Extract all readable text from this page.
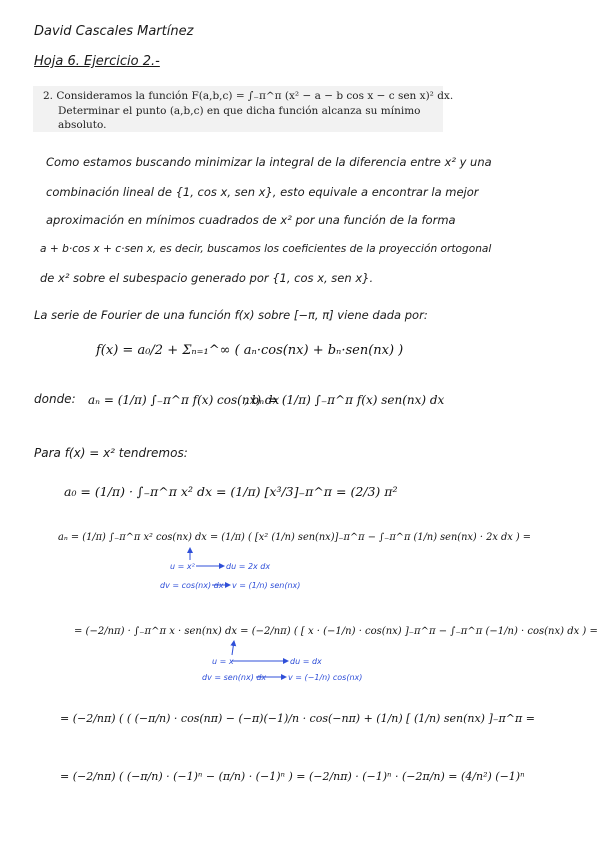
David Cascales Martínez
Hoja 6. Ejercicio 2.-
2. Consideramos la función F(a,b,c) = ∫₋π^π (x² − a − b cos x − c sen x)² dx.
Determinar el punto (a,b,c) en que dicha función alcanza su mínimo
absoluto.
Como estamos buscando minimizar la integral de la diferencia entre x² y una
combinación lineal de {1, cos x, sen x}, esto equivale a encontrar la mejor
aproximación en mínimos cuadrados de x² por una función de la forma
a + b·cos x + c·sen x, es decir, buscamos los coeficientes de la proyección ortogonal
de x² sobre el subespacio generado por {1, cos x, sen x}.
La serie de Fourier de una función f(x) sobre [−π, π] viene dada por:
f(x) = a₀/2 + Σₙ₌₁^∞ ( aₙ·cos(nx) + bₙ·sen(nx) )
donde: aₙ = (1/π) ∫₋π^π f(x) cos(nx) dx
, bₙ = (1/π) ∫₋π^π f(x) sen(nx) dx
Para f(x) = x² tendremos:
a₀ = (1/π) · ∫₋π^π x² dx = (1/π) [x³/3]₋π^π = (2/3) π²
aₙ = (1/π) ∫₋π^π x² cos(nx) dx = (1/π) ( [x² (1/n) sen(nx)]₋π^π − ∫₋π^π (1/n) sen(nx) · 2x dx ) =
u = x²	du = 2x dx
dv = cos(nx) dx v = (1/n) sen(nx)
= (−2/nπ) · ∫₋π^π x · sen(nx) dx = (−2/nπ) ( [ x · (−1/n) · cos(nx) ]₋π^π − ∫₋π^π (−1/n) · cos(nx) dx ) =
u = x	du = dx
dv = sen(nx) dx	v = (−1/n) cos(nx)
= (−2/nπ) ( ( (−π/n) · cos(nπ) − (−π)(−1)/n · cos(−nπ) + (1/n) [ (1/n) sen(nx) ]₋π^π =
= (−2/nπ) ( (−π/n) · (−1)ⁿ − (π/n) · (−1)ⁿ ) = (−2/nπ) · (−1)ⁿ · (−2π/n) = (4/n²) (−1)ⁿ
